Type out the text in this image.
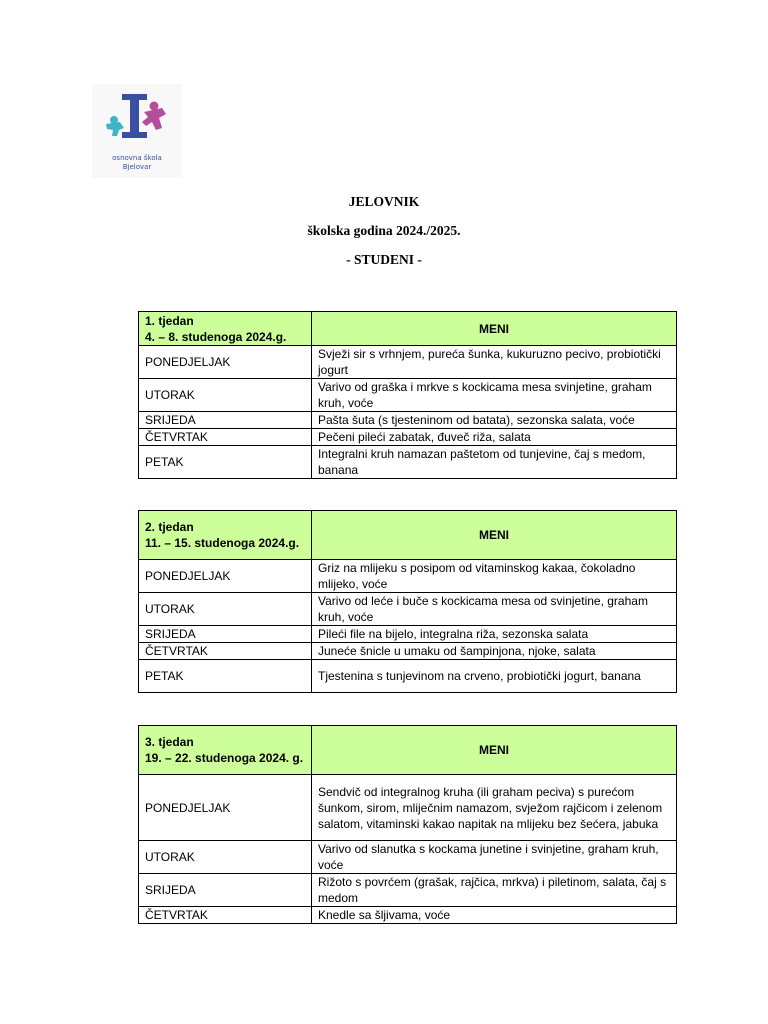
osnovna škola
Bjelovar
JELOVNIK
školska godina 2024./2025.
- STUDENI -
1. tjedan
4. – 8. studenoga 2024.g.	MENI
PONEDJELJAK	Svježi sir s vrhnjem, pureća šunka, kukuruzno pecivo, probiotički jogurt
UTORAK	Varivo od graška i mrkve s kockicama mesa svinjetine, graham kruh, voće
SRIJEDA	Pašta šuta (s tjesteninom od batata), sezonska salata, voće
ČETVRTAK	Pečeni pileći zabatak, đuveč riža, salata
PETAK	Integralni kruh namazan paštetom od tunjevine, čaj s medom, banana
2. tjedan
11. – 15. studenoga 2024.g.	MENI
PONEDJELJAK	Griz na mlijeku s posipom od vitaminskog kakaa, čokoladno mlijeko, voće
UTORAK	Varivo od leće i buče s kockicama mesa od svinjetine, graham kruh, voće
SRIJEDA	Pileći file na bijelo, integralna riža, sezonska salata
ČETVRTAK	Juneće šnicle u umaku od šampinjona, njoke, salata
PETAK	Tjestenina s tunjevinom na crveno, probiotički jogurt, banana
3. tjedan
19. – 22. studenoga 2024. g.	MENI
PONEDJELJAK	Sendvič od integralnog kruha (ili graham peciva) s purećom šunkom, sirom, mliječnim namazom, svježom rajčicom i zelenom salatom, vitaminski kakao napitak na mlijeku bez šećera, jabuka
UTORAK	Varivo od slanutka s kockama junetine i svinjetine, graham kruh, voće
SRIJEDA	Rižoto s povrćem (grašak, rajčica, mrkva) i piletinom, salata, čaj s medom
ČETVRTAK	Knedle sa šljivama, voće
